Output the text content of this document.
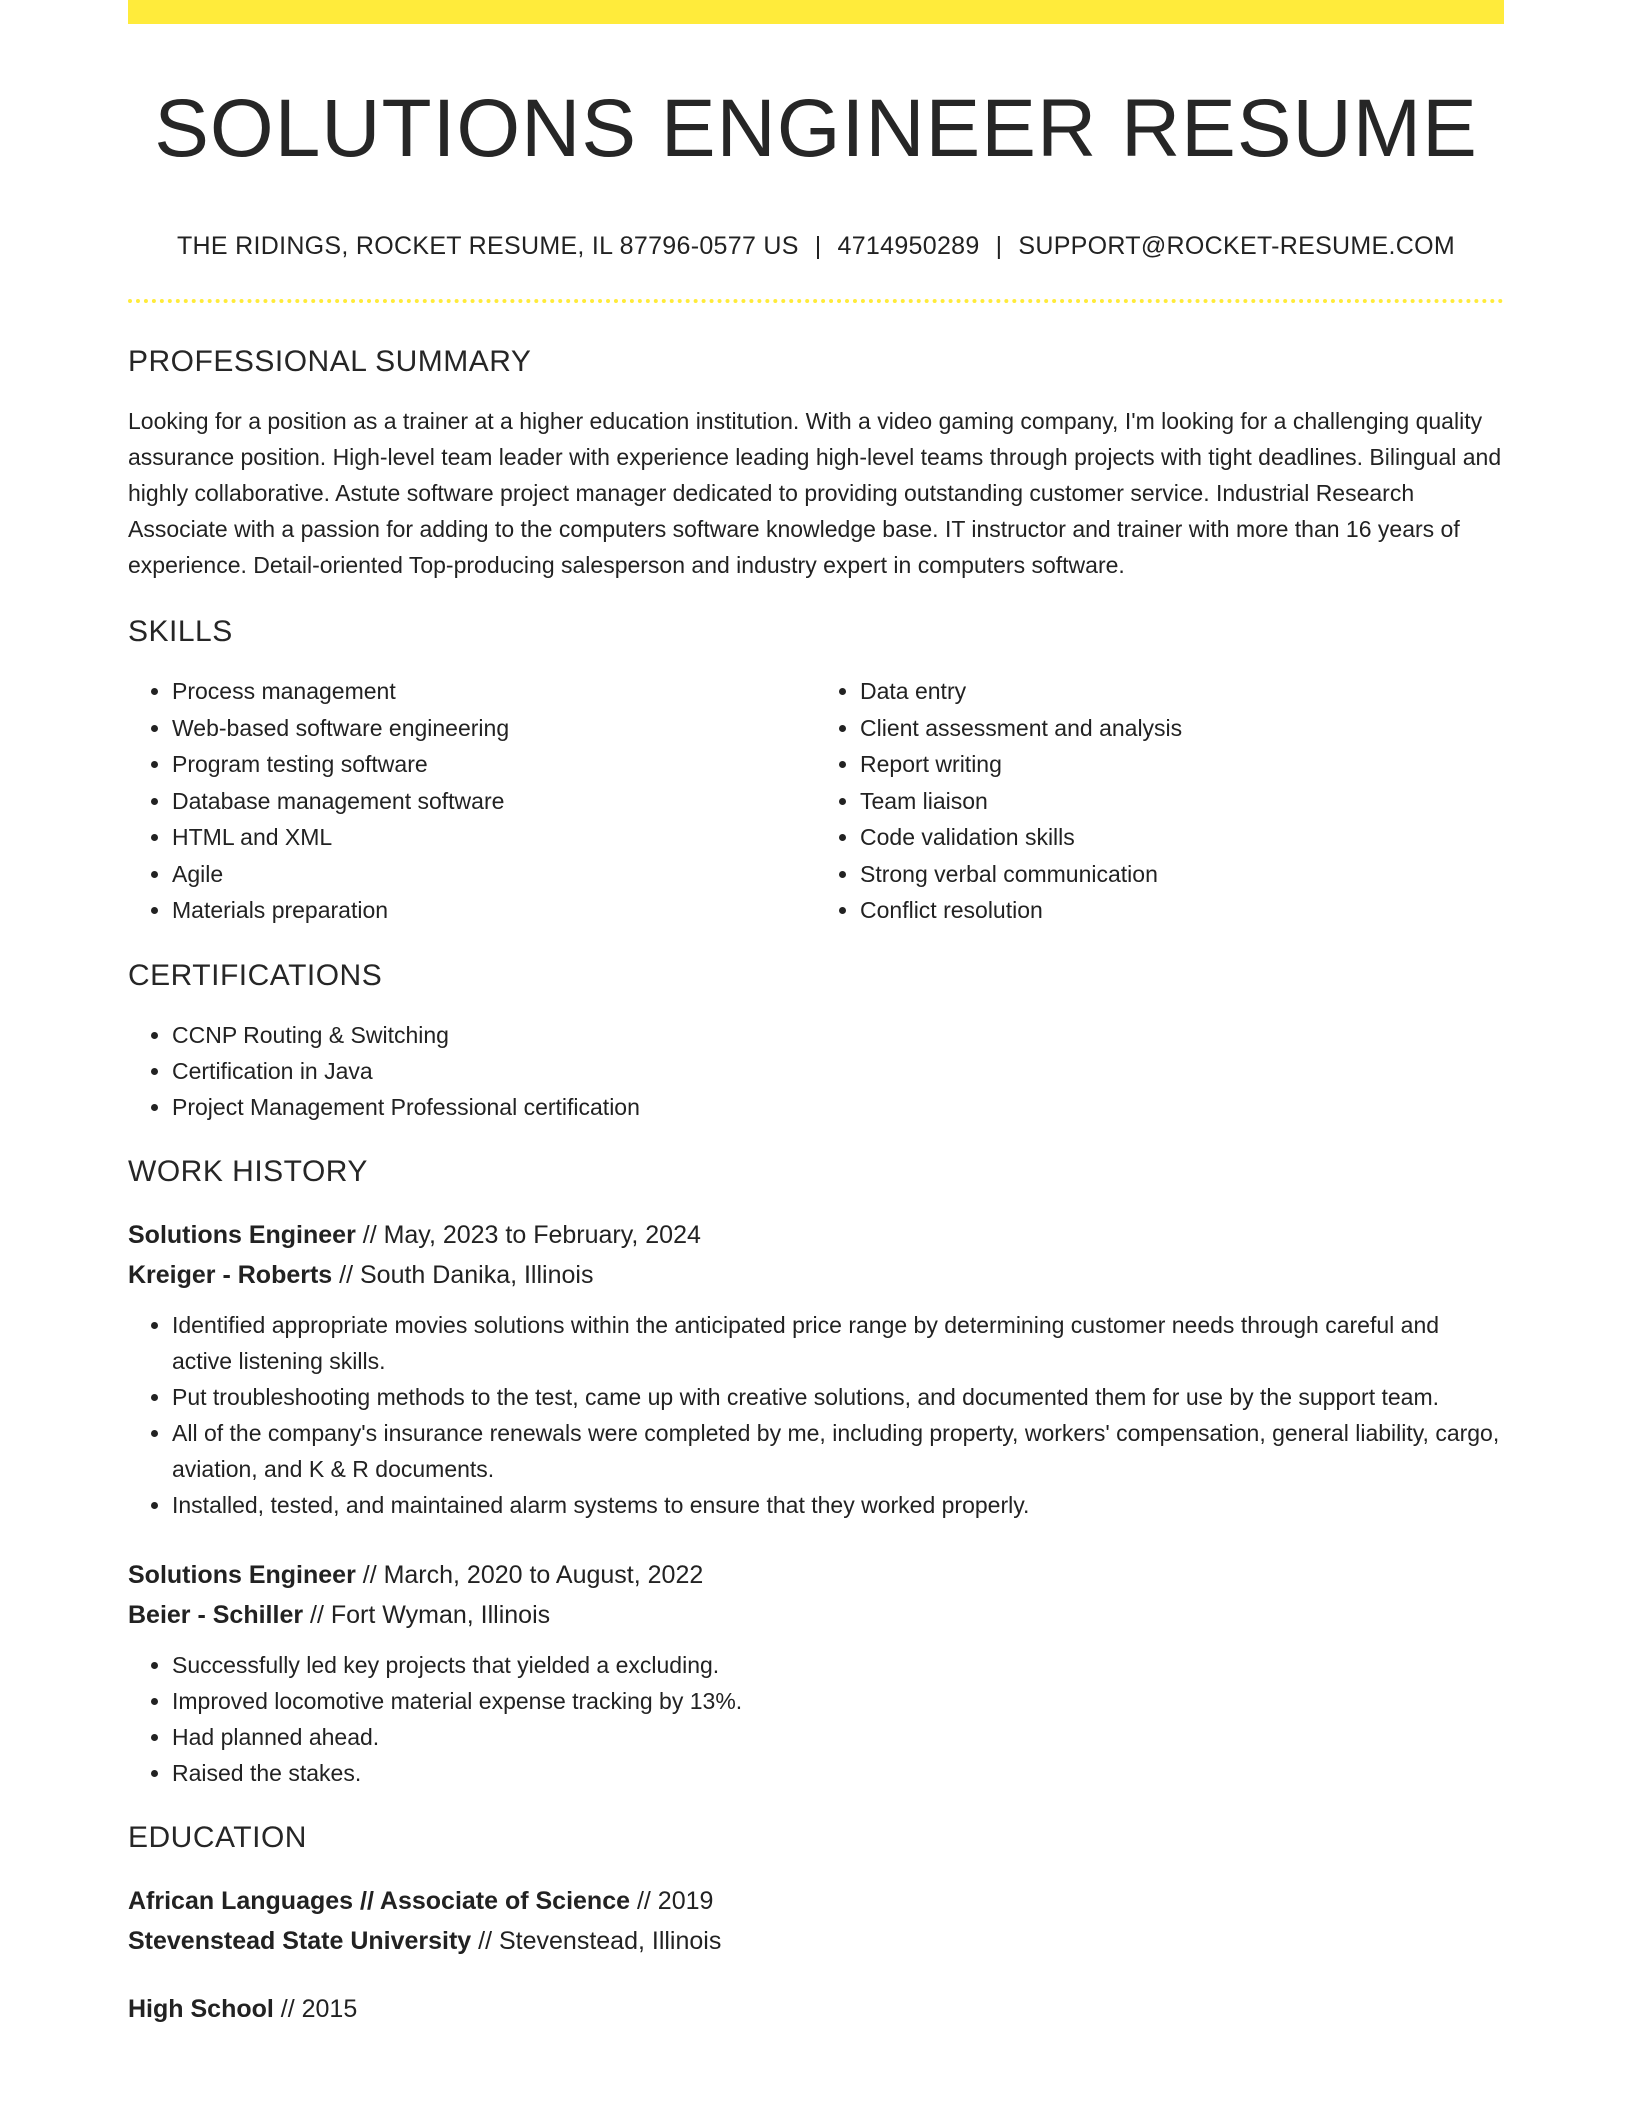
SOLUTIONS ENGINEER RESUME
THE RIDINGS, ROCKET RESUME, IL 87796-0577 US | 4714950289 | SUPPORT@ROCKET-RESUME.COM
PROFESSIONAL SUMMARY
Looking for a position as a trainer at a higher education institution. With a video gaming company, I'm looking for a challenging quality assurance position. High-level team leader with experience leading high-level teams through projects with tight deadlines. Bilingual and highly collaborative. Astute software project manager dedicated to providing outstanding customer service. Industrial Research Associate with a passion for adding to the computers software knowledge base. IT instructor and trainer with more than 16 years of experience. Detail-oriented Top-producing salesperson and industry expert in computers software.
SKILLS
• Process management
• Web-based software engineering
• Program testing software
• Database management software
• HTML and XML
• Agile
• Materials preparation
• Data entry
• Client assessment and analysis
• Report writing
• Team liaison
• Code validation skills
• Strong verbal communication
• Conflict resolution
CERTIFICATIONS
• CCNP Routing & Switching
• Certification in Java
• Project Management Professional certification
WORK HISTORY
Solutions Engineer // May, 2023 to February, 2024
Kreiger - Roberts // South Danika, Illinois
• Identified appropriate movies solutions within the anticipated price range by determining customer needs through careful and active listening skills.
• Put troubleshooting methods to the test, came up with creative solutions, and documented them for use by the support team.
• All of the company's insurance renewals were completed by me, including property, workers' compensation, general liability, cargo, aviation, and K & R documents.
• Installed, tested, and maintained alarm systems to ensure that they worked properly.
Solutions Engineer // March, 2020 to August, 2022
Beier - Schiller // Fort Wyman, Illinois
• Successfully led key projects that yielded a excluding.
• Improved locomotive material expense tracking by 13%.
• Had planned ahead.
• Raised the stakes.
EDUCATION
African Languages // Associate of Science // 2019
Stevenstead State University // Stevenstead, Illinois
High School // 2015
